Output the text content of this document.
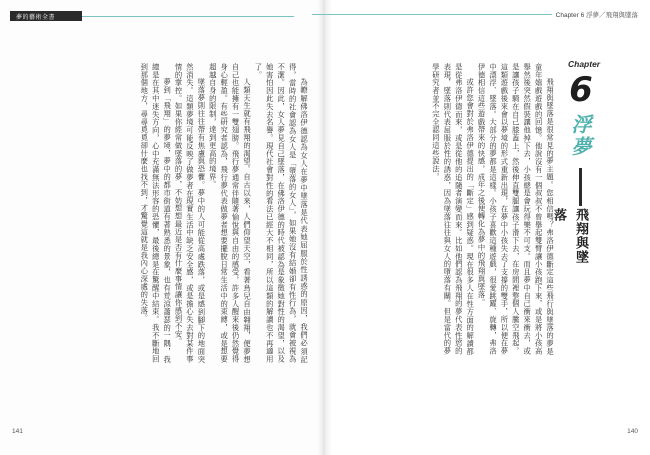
夢的藝術全書

為瞭解佛洛伊德認為女人在夢中墜落是代表她屈服於性誘惑的原因，我們必須記得，當時的社會認為女人是「墮落的女人」，如果她沒有結婚卻有性行為，就會被視為不潔。因此，女人夢見自己墜落，在佛洛伊德的時代被認為是象徵她對性的渴望，以及她害怕因此失去名譽。現代社會對性的看法已經大不相同，所以這類的解讀也不再適用了。

人類天生就有飛翔的渴望。自古以來，人們仰望天空，看著鳥兒自由翱翔，便夢想自己也能擁有一雙翅膀。飛行夢通常伴隨著愉悅與自由的感受，許多人醒來後仍然覺得身心輕盈。有些研究者認為，飛行夢代表做夢者想要擺脫日常生活中的束縛，或是想要超越自身的限制，達到更高的境界。

墜落夢則往往帶有焦慮與恐懼。夢中的人可能從高處跌落，或是感到腳下的地面突然消失。這類夢境可能反映了做夢者在現實生活中缺乏安全感，或是擔心失去對某件事情的掌控。如果你經常做墜落的夢，不妨想想最近是否有什麼事情讓你感到不安。

夢到「飛翔」的夢境，夢中的都市街道有著熟悉的景象，也有荒涼蕭瑟的一隅，我總是在其中迷失方向，心中充滿無法形容的恐懼，最後總是在驚醒中結束。我不斷地回到那個地方，尋尋覓覓卻什麼也找不到，才驚覺這就是我內心深處的失落。

141
Chapter 6 浮夢／飛翔與墜落
Chapter
6
浮夢
飛翔與墜落

飛翔與墜落是很常見的夢主題。您相信嗎？弗洛伊德斷定這些飛行與墜落的夢是童年嬉戲遊戲的回憶。他說沒有一個叔叔不曾舉起雙臂讓小孩跑下來，或是將小孩高舉然後突然假裝讓他掉下去，小孩總是會玩得樂不可支。而且夢中自己衝來衝去，或是讓孩子騎在自己膝蓋上，然後伸直雙腿讓孩子滑下去，在房間裡整個人騰空飛起。這類遊戲後來會以夢境的形式重新出現，在夢中小孩失去了支撐的雙手，所以便在夢中漂浮、墜落。大部分的夢都是這樣。小孩子喜歡這種遊戲，很愛跳躍、旋轉，弗洛伊德相信這些遊戲帶來的快感，成年之後便轉化為夢中的飛翔與墜落。

或許您會對於弗洛伊德提出的「斷定」感到疑惑。現在很多人在性方面的解讀都是從弗洛伊德而來，或是從他的追隨者演變而來。比如他們認為飛翔的夢代表性慾的表現，墜落則代表屈服於性的誘惑，因為墜落往往與女人的墮落有關。但是當代的夢學研究者並不完全認同這些說法。

140
